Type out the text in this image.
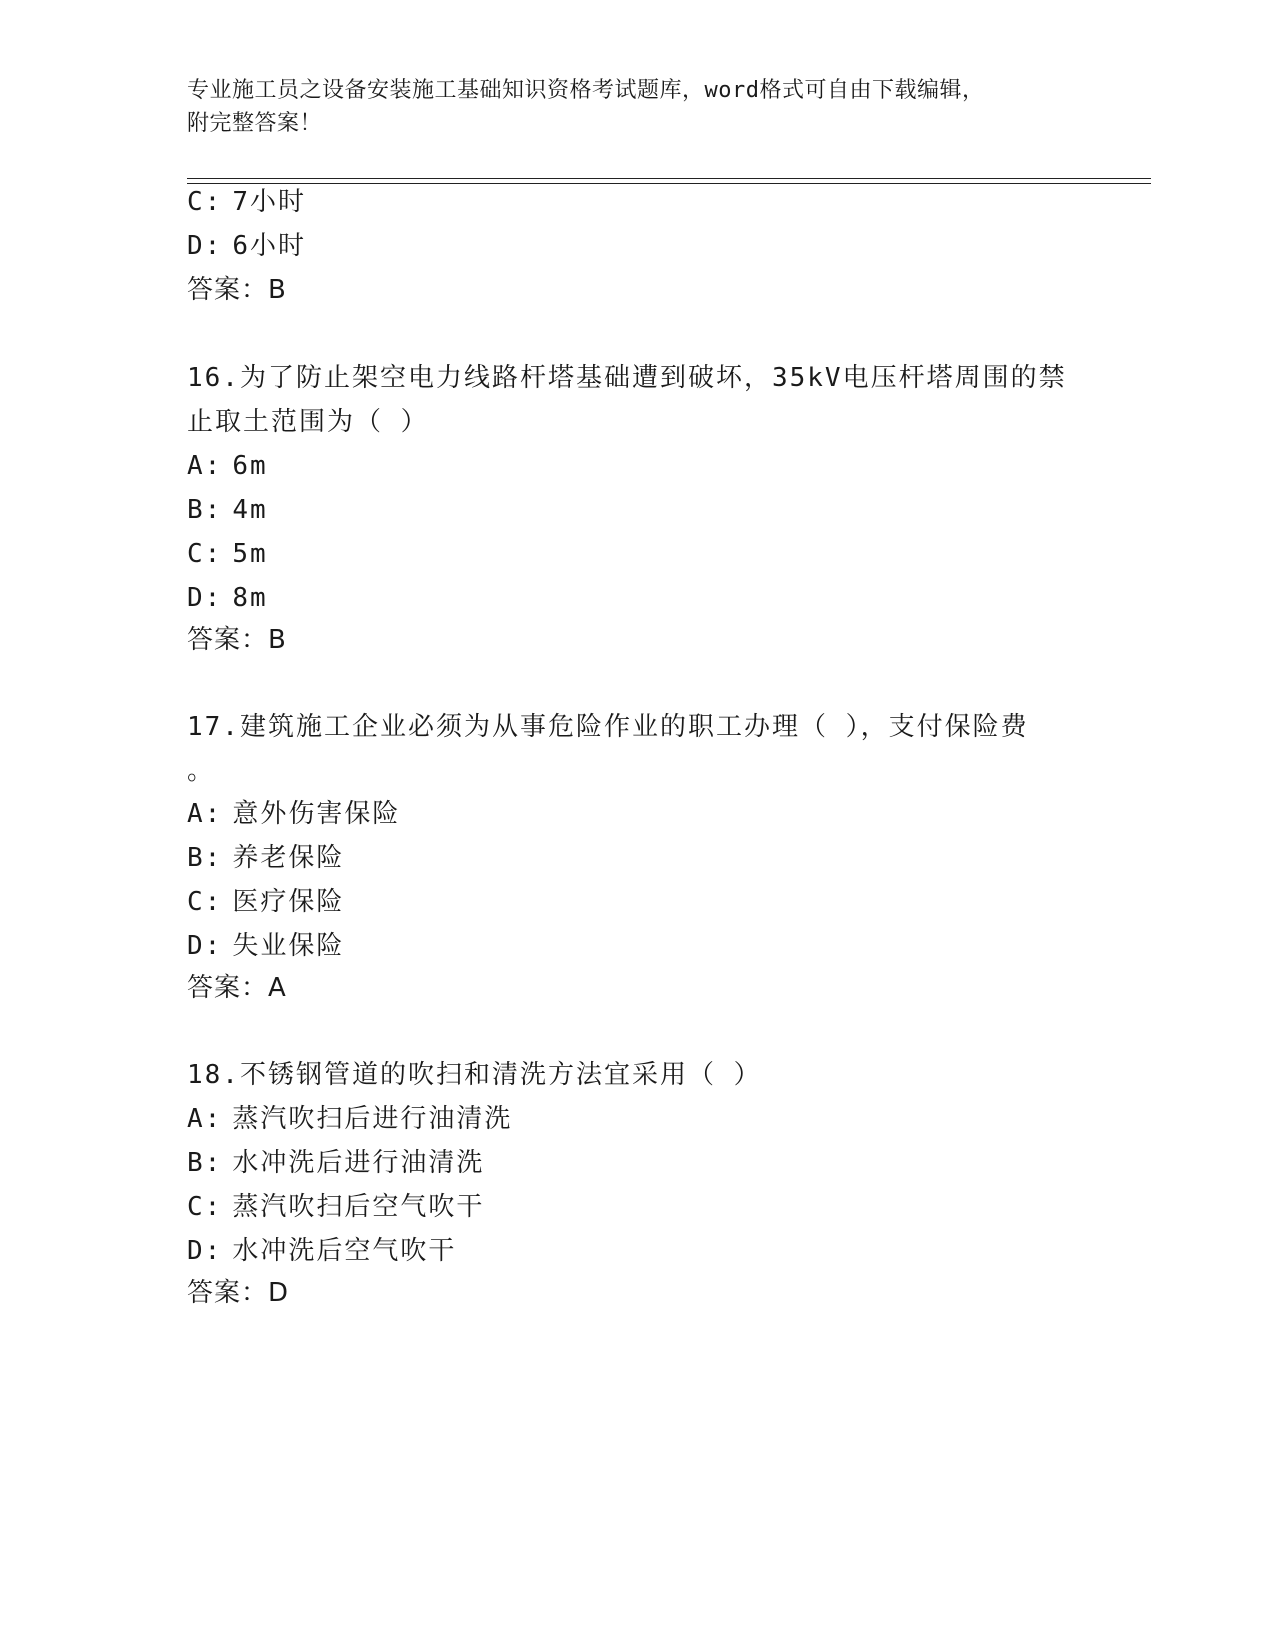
专业施工员之设备安装施工基础知识资格考试题库，word格式可自由下载编辑，
附完整答案！
C: 7小时
D: 6小时
答案：B
16.为了防止架空电力线路杆塔基础遭到破坏，35kV电压杆塔周围的禁
止取土范围为（ ）
A: 6m
B: 4m
C: 5m
D: 8m
答案：B
17.建筑施工企业必须为从事危险作业的职工办理（ ），支付保险费
。
A: 意外伤害保险
B: 养老保险
C: 医疗保险
D: 失业保险
答案：A
18.不锈钢管道的吹扫和清洗方法宜采用（ ）
A: 蒸汽吹扫后进行油清洗
B: 水冲洗后进行油清洗
C: 蒸汽吹扫后空气吹干
D: 水冲洗后空气吹干
答案：D
